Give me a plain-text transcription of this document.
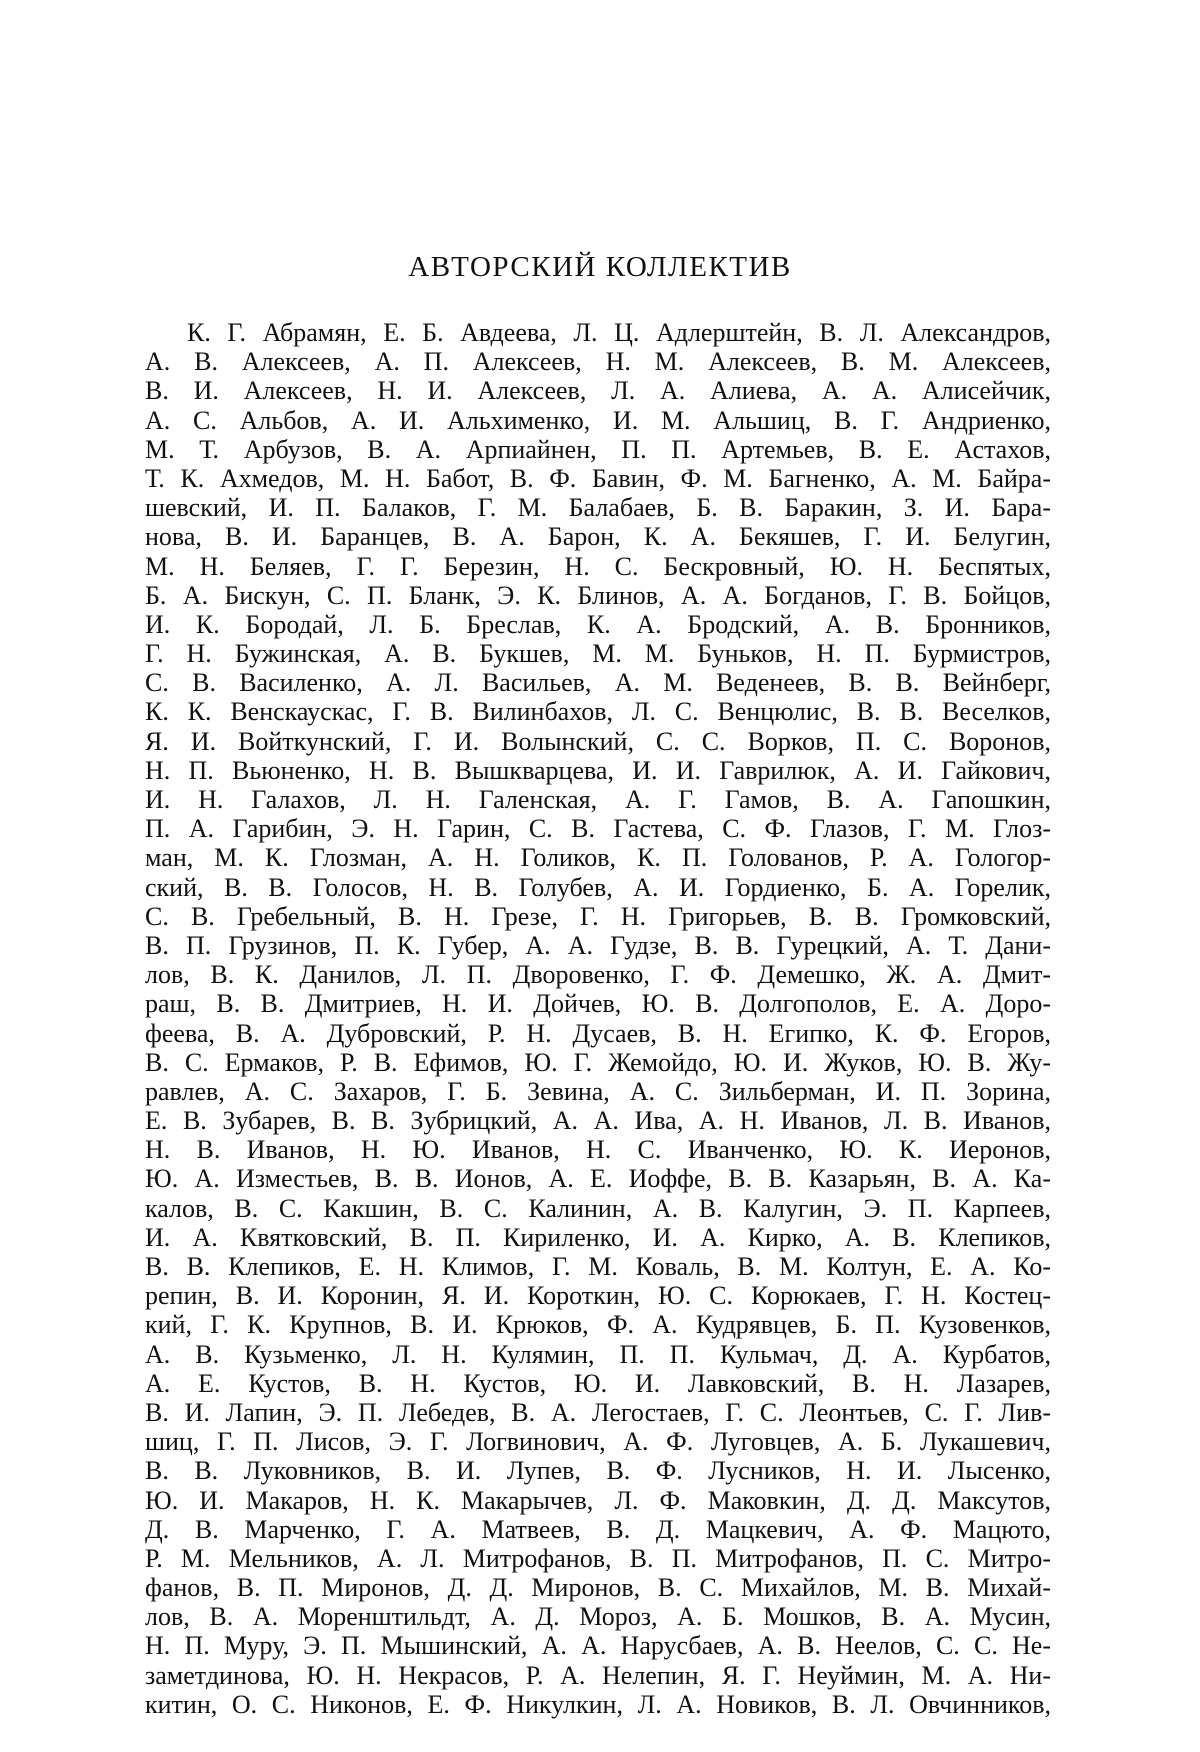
АВТОРСКИЙ КОЛЛЕКТИВ
К. Г. Абрамян, Е. Б. Авдеева, Л. Ц. Адлерштейн, В. Л. Александров,
А. В. Алексеев, А. П. Алексеев, Н. М. Алексеев, В. М. Алексеев,
В. И. Алексеев, Н. И. Алексеев, Л. А. Алиева, А. А. Алисейчик,
А. С. Альбов, А. И. Альхименко, И. М. Альшиц, В. Г. Андриенко,
М. Т. Арбузов, В. А. Арпиайнен, П. П. Артемьев, В. Е. Астахов,
Т. К. Ахмедов, М. Н. Бабот, В. Ф. Бавин, Ф. М. Багненко, А. М. Байра-
шевский, И. П. Балаков, Г. М. Балабаев, Б. В. Баракин, З. И. Бара-
нова, В. И. Баранцев, В. А. Барон, К. А. Бекяшев, Г. И. Белугин,
М. Н. Беляев, Г. Г. Березин, Н. С. Бескровный, Ю. Н. Беспятых,
Б. А. Бискун, С. П. Бланк, Э. К. Блинов, А. А. Богданов, Г. В. Бойцов,
И. К. Бородай, Л. Б. Бреслав, К. А. Бродский, А. В. Бронников,
Г. Н. Бужинская, А. В. Букшев, М. М. Буньков, Н. П. Бурмистров,
С. В. Василенко, А. Л. Васильев, А. М. Веденеев, В. В. Вейнберг,
К. К. Венскаускас, Г. В. Вилинбахов, Л. С. Венцюлис, В. В. Веселков,
Я. И. Войткунский, Г. И. Волынский, С. С. Ворков, П. С. Воронов,
Н. П. Вьюненко, Н. В. Вышкварцева, И. И. Гаврилюк, А. И. Гайкович,
И. Н. Галахов, Л. Н. Галенская, А. Г. Гамов, В. А. Гапошкин,
П. А. Гарибин, Э. Н. Гарин, С. В. Гастева, С. Ф. Глазов, Г. М. Глоз-
ман, М. К. Глозман, А. Н. Голиков, К. П. Голованов, Р. А. Гологор-
ский, В. В. Голосов, Н. В. Голубев, А. И. Гордиенко, Б. А. Горелик,
С. В. Гребельный, В. Н. Грезе, Г. Н. Григорьев, В. В. Громковский,
В. П. Грузинов, П. К. Губер, А. А. Гудзе, В. В. Гурецкий, А. Т. Дани-
лов, В. К. Данилов, Л. П. Дворовенко, Г. Ф. Демешко, Ж. А. Дмит-
раш, В. В. Дмитриев, Н. И. Дойчев, Ю. В. Долгополов, Е. А. Доро-
феева, В. А. Дубровский, Р. Н. Дусаев, В. Н. Египко, К. Ф. Егоров,
В. С. Ермаков, Р. В. Ефимов, Ю. Г. Жемойдо, Ю. И. Жуков, Ю. В. Жу-
равлев, А. С. Захаров, Г. Б. Зевина, А. С. Зильберман, И. П. Зорина,
Е. В. Зубарев, В. В. Зубрицкий, А. А. Ива, А. Н. Иванов, Л. В. Иванов,
Н. В. Иванов, Н. Ю. Иванов, Н. С. Иванченко, Ю. К. Иеронов,
Ю. А. Изместьев, В. В. Ионов, А. Е. Иоффе, В. В. Казарьян, В. А. Ка-
калов, В. С. Какшин, В. С. Калинин, А. В. Калугин, Э. П. Карпеев,
И. А. Квятковский, В. П. Кириленко, И. А. Кирко, А. В. Клепиков,
В. В. Клепиков, Е. Н. Климов, Г. М. Коваль, В. М. Колтун, Е. А. Ко-
репин, В. И. Коронин, Я. И. Короткин, Ю. С. Корюкаев, Г. Н. Костец-
кий, Г. К. Крупнов, В. И. Крюков, Ф. А. Кудрявцев, Б. П. Кузовенков,
А. В. Кузьменко, Л. Н. Кулямин, П. П. Кульмач, Д. А. Курбатов,
А. Е. Кустов, В. Н. Кустов, Ю. И. Лавковский, В. Н. Лазарев,
В. И. Лапин, Э. П. Лебедев, В. А. Легостаев, Г. С. Леонтьев, С. Г. Лив-
шиц, Г. П. Лисов, Э. Г. Логвинович, А. Ф. Луговцев, А. Б. Лукашевич,
В. В. Луковников, В. И. Лупев, В. Ф. Лусников, Н. И. Лысенко,
Ю. И. Макаров, Н. К. Макарычев, Л. Ф. Маковкин, Д. Д. Максутов,
Д. В. Марченко, Г. А. Матвеев, В. Д. Мацкевич, А. Ф. Мацюто,
Р. М. Мельников, А. Л. Митрофанов, В. П. Митрофанов, П. С. Митро-
фанов, В. П. Миронов, Д. Д. Миронов, В. С. Михайлов, М. В. Михай-
лов, В. А. Моренштильдт, А. Д. Мороз, А. Б. Мошков, В. А. Мусин,
Н. П. Муру, Э. П. Мышинский, А. А. Нарусбаев, А. В. Неелов, С. С. Не-
заметдинова, Ю. Н. Некрасов, Р. А. Нелепин, Я. Г. Неуймин, М. А. Ни-
китин, О. С. Никонов, Е. Ф. Никулкин, Л. А. Новиков, В. Л. Овчинников,
